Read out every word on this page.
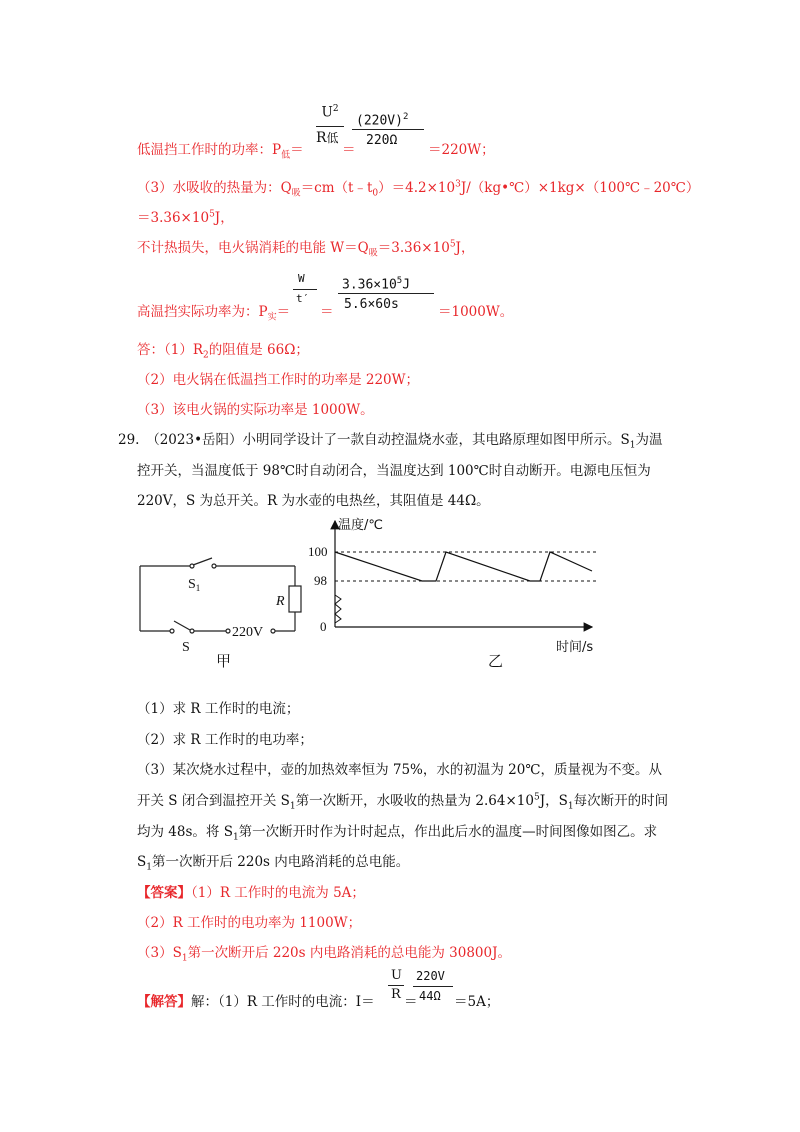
$U^2$
R低
$(220V)^2$
220Ω
低温挡工作时的功率：$P_低=$	＝	＝220W；
（3）水吸收的热量为：$Q_吸=cm(t﹣t_0)=4.2\times 10^3J/(kg•℃)\times 1kg\times(100℃﹣20℃)$
$=3.36\times 10^5J$，
不计热损失，电火锅消耗的电能 $W=Q_吸=3.36\times 10^5J$，
W
t′
$3.36\times 10^5J$
5.6×60s
高温挡实际功率为：$P_实=$ ＝	＝1000W。
答：$(1)R_2$的阻值是 66Ω；
（2）电火锅在低温挡工作时的功率是 220W；
（3）该电火锅的实际功率是 1000W。
29.　（2023•岳阳）小明同学设计了一款自动控温烧水壶，其电路原理如图甲所示。$S_1$为温
控开关，当温度低于 98℃时自动闭合，当温度达到 100℃时自动断开。电源电压恒为
220V，S 为总开关。R 为水壶的电热丝，其阻值是 44Ω。
$S_1$
R
S
220V
甲
100
98
0
温度/℃
时间/s
乙
（1）求 R 工作时的电流；
（2）求 R 工作时的电功率；
（3）某次烧水过程中，壶的加热效率恒为 75%，水的初温为 20℃，质量视为不变。从
开关 S 闭合到温控开关 $S_1$第一次断开，水吸收的热量为 $2.64\times 10^5J$，$S_1$每次断开的时间
均为 48s。将 $S_1$第一次断开时作为计时起点，作出此后水的温度—时间图像如图乙。求
$S_1$第一次断开后 220s 内电路消耗的总电能。
【答案】（1）R 工作时的电流为 5A；
（2）R 工作时的电功率为 1100W；
$(3)S_1$第一次断开后 220s 内电路消耗的总电能为 30800J。
U
R
220V
44Ω
【解答】解：（1）R 工作时的电流：I＝ ＝	＝5A；
